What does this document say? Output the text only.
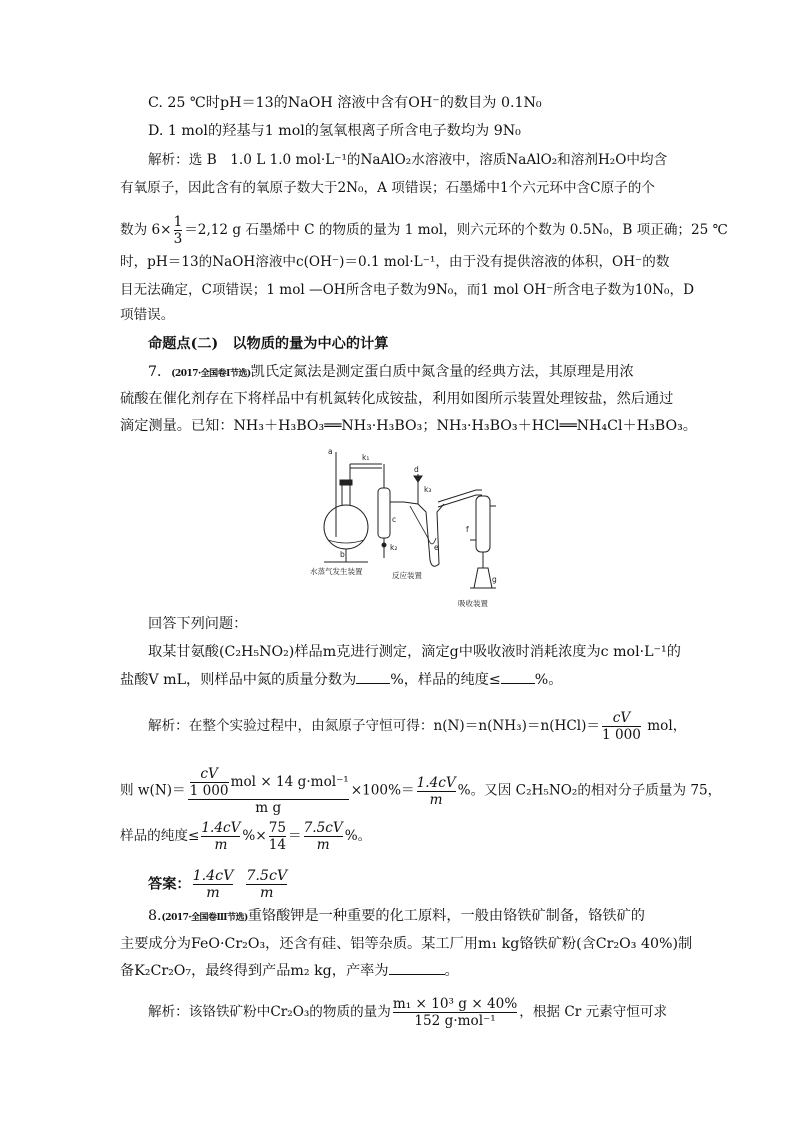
C. 25 ℃时pH＝13的NaOH 溶液中含有OH⁻的数目为 0.1N₀
D. 1 mol的羟基与1 mol的氢氧根离子所含电子数均为 9N₀
解析：选 B　1.0 L 1.0 mol·L⁻¹的NaAlO₂水溶液中，溶质NaAlO₂和溶剂H₂O中均含
有氧原子，因此含有的氧原子数大于2N₀，A 项错误；石墨烯中1个六元环中含C原子的个
数为 $6\times \frac{1}{3} =2,12$ g 石墨烯中 C 的物质的量为 1 mol，则六元环的个数为 0.5N₀，B 项正确；25 ℃
时，pH＝13的NaOH溶液中c(OH⁻)＝0.1 mol·L⁻¹，由于没有提供溶液的体积，OH⁻的数
目无法确定，C项错误；1 mol —OH所含电子数为9N₀，而1 mol OH⁻所含电子数为10N₀，D
项错误。
命题点(二)　以物质的量为中心的计算
7．(2017·全国卷Ⅰ节选)凯氏定氮法是测定蛋白质中氮含量的经典方法，其原理是用浓
硫酸在催化剂存在下将样品中有机氮转化成铵盐，利用如图所示装置处理铵盐，然后通过
滴定测量。已知：NH₃＋H₃BO₃══NH₃·H₃BO₃；NH₃·H₃BO₃＋HCl══NH₄Cl＋H₃BO₃。
a
b
c
d
e
f
g
k₁
k₂
k₃
水蒸气发生装置	反应装置
吸收装置
回答下列问题：
取某甘氨酸(C₂H₅NO₂)样品m克进行测定，滴定g中吸收液时消耗浓度为c mol·L⁻¹的
盐酸V mL，则样品中氮的质量分数为 %，样品的纯度≤ %。
解析：在整个实验过程中，由氮原子守恒可得：$n(N)=n(NH_3)=n(HCl)= \frac{cV}{1 000}$ mol，
则 $w(N)= \frac{\frac{cV}{1 000} mol \times 14 g\cdot mol^{-1}}{\text{m g}} \times 100\%= \frac{1.4cV}{m}$ %。又因 C₂H₅NO₂的相对分子质量为 75，
样品的纯度≤ $\frac{1.4cV}{m}$ %× $\frac{75}{14} = \frac{7.5cV}{m}$ %。
答案： $\frac{1.4cV}{m}$
$\frac{7.5cV}{m}$
8.(2017·全国卷Ⅲ节选)重铬酸钾是一种重要的化工原料，一般由铬铁矿制备，铬铁矿的
主要成分为FeO·Cr₂O₃，还含有硅、铝等杂质。某工厂用m₁ kg铬铁矿粉(含Cr₂O₃ 40%)制
备K₂Cr₂O₇，最终得到产品m₂ kg，产率为	。
解析：该铬铁矿粉中Cr₂O₃的物质的量为 $\frac{\text{m₁ × 10³ g × 40\%}}{\text{152 g·mol⁻¹}}$ ，根据 Cr 元素守恒可求
